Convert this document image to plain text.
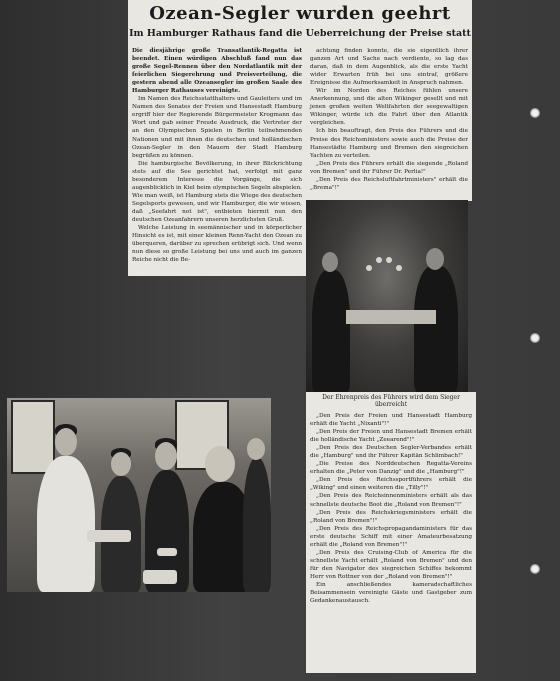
Ozean-Segler wurden geehrt
Im Hamburger Rathaus fand die Ueberreichung der Preise statt

Die diesjährige große Transatlantik-Regatta ist beendet. Einen würdigen Abschluß fand nun das große Segel-Rennen über den Nordatlantik mit der feierlichen Siegerehrung und Preisverteilung, die gestern abend alle Ozeansegler im großen Saale des Hamburger Rathauses vereinigte.

Im Namen des Reichsstatthalters und Gauleiters und im Namen des Senates der Freien und Hansestadt Hamburg ergriff hier der Regierende Bürgermeister Krogmann das Wort und gab seiner Freude Ausdruck, die Vertreter der an den Olympischen Spielen in Berlin teilnehmenden Nationen und mit ihnen die deutschen und holländischen Ozean-Segler in den Mauern der Stadt Hamburg begrüßen zu können.

Die hamburgische Bevölkerung, in ihrer Blickrichtung stets auf die See gerichtet hat, verfolgt mit ganz besonderem Interesse die Vorgänge, die sich augenblicklich in Kiel beim olympischen Segeln abspielen. Wie man weiß, ist Hamburg stets die Wiege des deutschen Segelsports gewesen, und wir Hamburger, die wir wissen, daß „Seefahrt not ist", entbieten hiermit nun den deutschen Ozeanfahrern unseren herzlichsten Gruß.

Welche Leistung in seemännischer und in körperlicher Hinsicht es ist, mit einer kleinen Renn-Yacht den Ozean zu überqueren, darüber zu sprechen erübrigt sich. Und wenn nun diese so große Leistung bei uns und auch im ganzen Reiche nicht die Be-

achtung finden konnte, die sie eigentlich ihrer ganzen Art und Sache nach verdiente, so lag das daran, daß in dem Augenblick, als die erste Yacht wider Erwarten früh bei uns eintraf, größere Ereignisse die Aufmerksamkeit in Anspruch nahmen.

Wir im Norden des Reiches fühlen unsere Anerkennung, und die alten Wikinger gesellt und mit jenen großen weiten Weltfahrten der seegewaltigen Wikinger, würde ich die Fahrt über den Atlantik vergleichen.

Ich bin beauftragt, den Preis des Führers und die Preise des Reichsministers sowie auch die Preise der Hansestädte Hamburg und Bremen den siegreichen Yachten zu verteilen.

„Den Preis des Führers erhält die siegende „Roland von Bremen" und ihr Führer Dr. Perlia!"

„Den Preis des Reichsluftfahrtministers" erhält die „Brema"!"

Der Ehrenpreis des Führers wird dem Sieger überreicht

„Den Preis der Freien und Hansestadt Hamburg erhält die Yacht „Nixanti"!"

„Den Preis der Freien und Hansestadt Bremen erhält die holländische Yacht „Zeearend"!"

„Den Preis des Deutschen Segler-Verbandes erhält die „Hamburg" und ihr Führer Kapitän Schlimbach!"

„Die Preise des Norddeutschen Regatta-Vereins erhalten die „Peter von Danzig" und die „Hamburg"!"

„Den Preis des Reichssportführers erhält die „Wiking" und einen weiteren die „Tilly"!"

„Den Preis des Reichsinnenministers erhält als das schnellste deutsche Boot die „Roland von Bremen"!"

„Den Preis des Reichskriegsministers erhält die „Roland von Bremen"!"

„Den Preis des Reichspropagandaministers für das erste deutsche Schiff mit einer Amateurbesatzung erhält die „Roland von Bremen"!"

„Den Preis des Cruising-Club of America für die schnellste Yacht erhält „Roland von Bremen" und den für den Navigator des siegreichen Schiffes bekommt Herr von Rottner von der „Roland von Bremen"!"

Ein anschließendes kameradschaftliches Beisammensein vereinigte Gäste und Gastgeber zum Gedankenaustausch.
